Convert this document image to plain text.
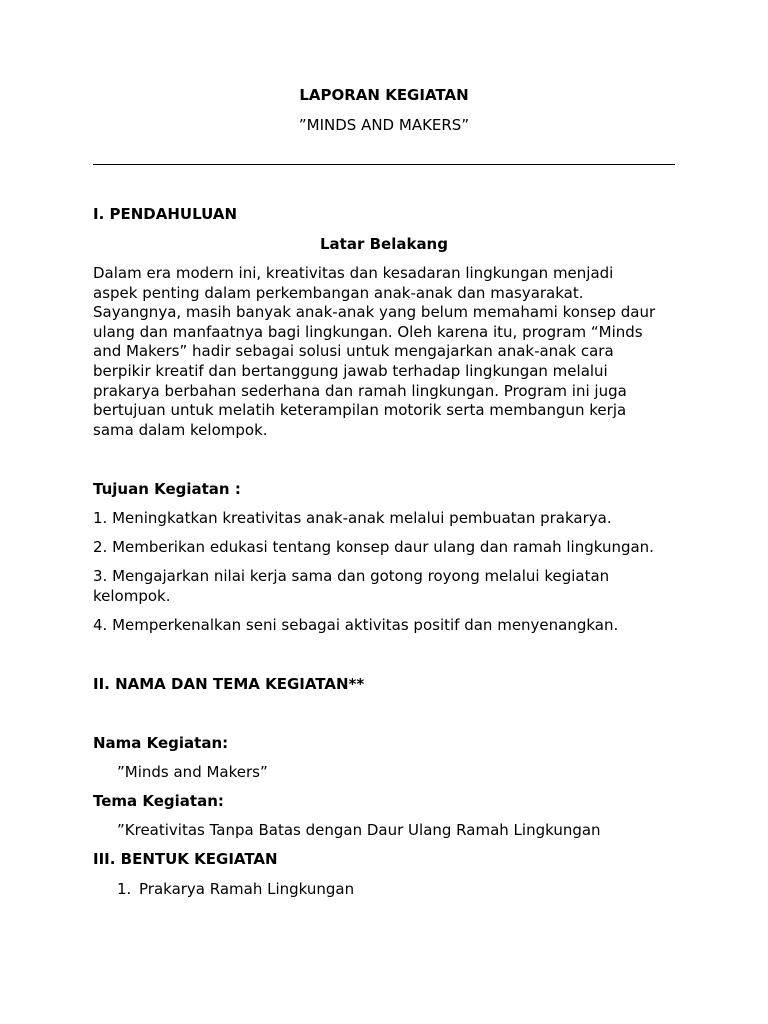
LAPORAN KEGIATAN
”MINDS AND MAKERS”
I. PENDAHULUAN
Latar Belakang
Dalam era modern ini, kreativitas dan kesadaran lingkungan menjadi
aspek penting dalam perkembangan anak-anak dan masyarakat.
Sayangnya, masih banyak anak-anak yang belum memahami konsep daur
ulang dan manfaatnya bagi lingkungan. Oleh karena itu, program “Minds
and Makers” hadir sebagai solusi untuk mengajarkan anak-anak cara
berpikir kreatif dan bertanggung jawab terhadap lingkungan melalui
prakarya berbahan sederhana dan ramah lingkungan. Program ini juga
bertujuan untuk melatih keterampilan motorik serta membangun kerja
sama dalam kelompok.
Tujuan Kegiatan :
1. Meningkatkan kreativitas anak-anak melalui pembuatan prakarya.
2. Memberikan edukasi tentang konsep daur ulang dan ramah lingkungan.
3. Mengajarkan nilai kerja sama dan gotong royong melalui kegiatan
kelompok.
4. Memperkenalkan seni sebagai aktivitas positif dan menyenangkan.
II. NAMA DAN TEMA KEGIATAN**
Nama Kegiatan:
”Minds and Makers”
Tema Kegiatan:
”Kreativitas Tanpa Batas dengan Daur Ulang Ramah Lingkungan
III. BENTUK KEGIATAN
1. Prakarya Ramah Lingkungan
